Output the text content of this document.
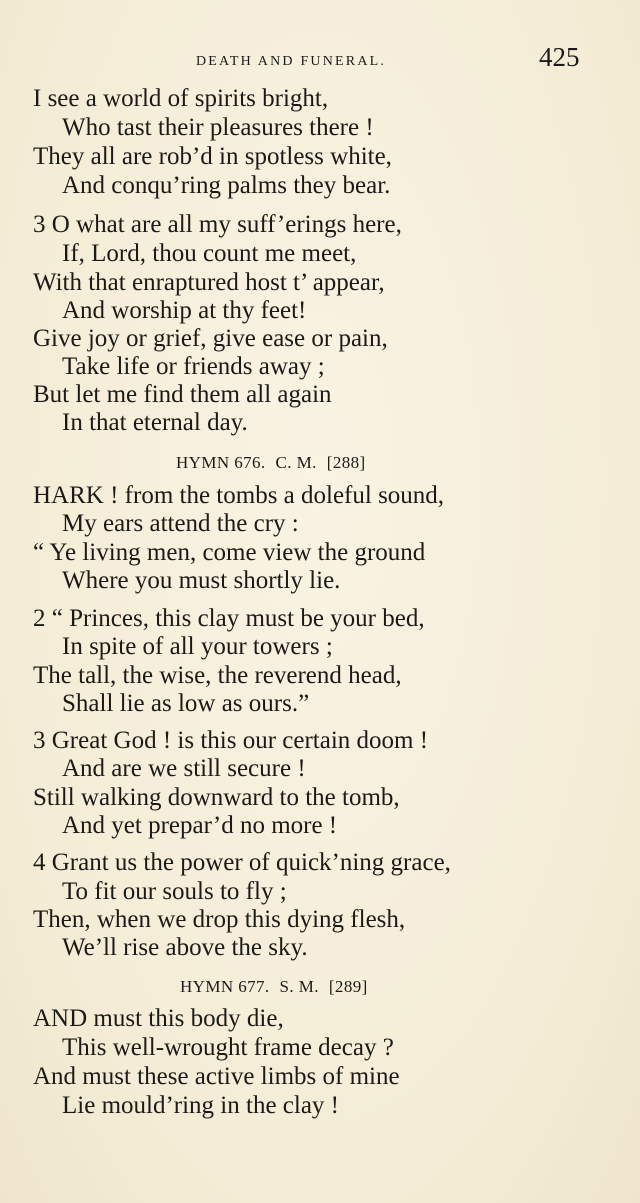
DEATH AND FUNERAL.	425
I see a world of spirits bright,
Who tast their pleasures there !
They all are rob’d in spotless white,
And conqu’ring palms they bear.
3 O what are all my suff’erings here,
If, Lord, thou count me meet,
With that enraptured host t’ appear,
And worship at thy feet!
Give joy or grief, give ease or pain,
Take life or friends away ;
But let me find them all again
In that eternal day.
HYMN 676. C. M. [288]
HARK ! from the tombs a doleful sound,
My ears attend the cry :
“ Ye living men, come view the ground
Where you must shortly lie.
2 “ Princes, this clay must be your bed,
In spite of all your towers ;
The tall, the wise, the reverend head,
Shall lie as low as ours.”
3 Great God ! is this our certain doom !
And are we still secure !
Still walking downward to the tomb,
And yet prepar’d no more !
4 Grant us the power of quick’ning grace,
To fit our souls to fly ;
Then, when we drop this dying flesh,
We’ll rise above the sky.
HYMN 677. S. M. [289]
AND must this body die,
This well-wrought frame decay ?
And must these active limbs of mine
Lie mould’ring in the clay !
